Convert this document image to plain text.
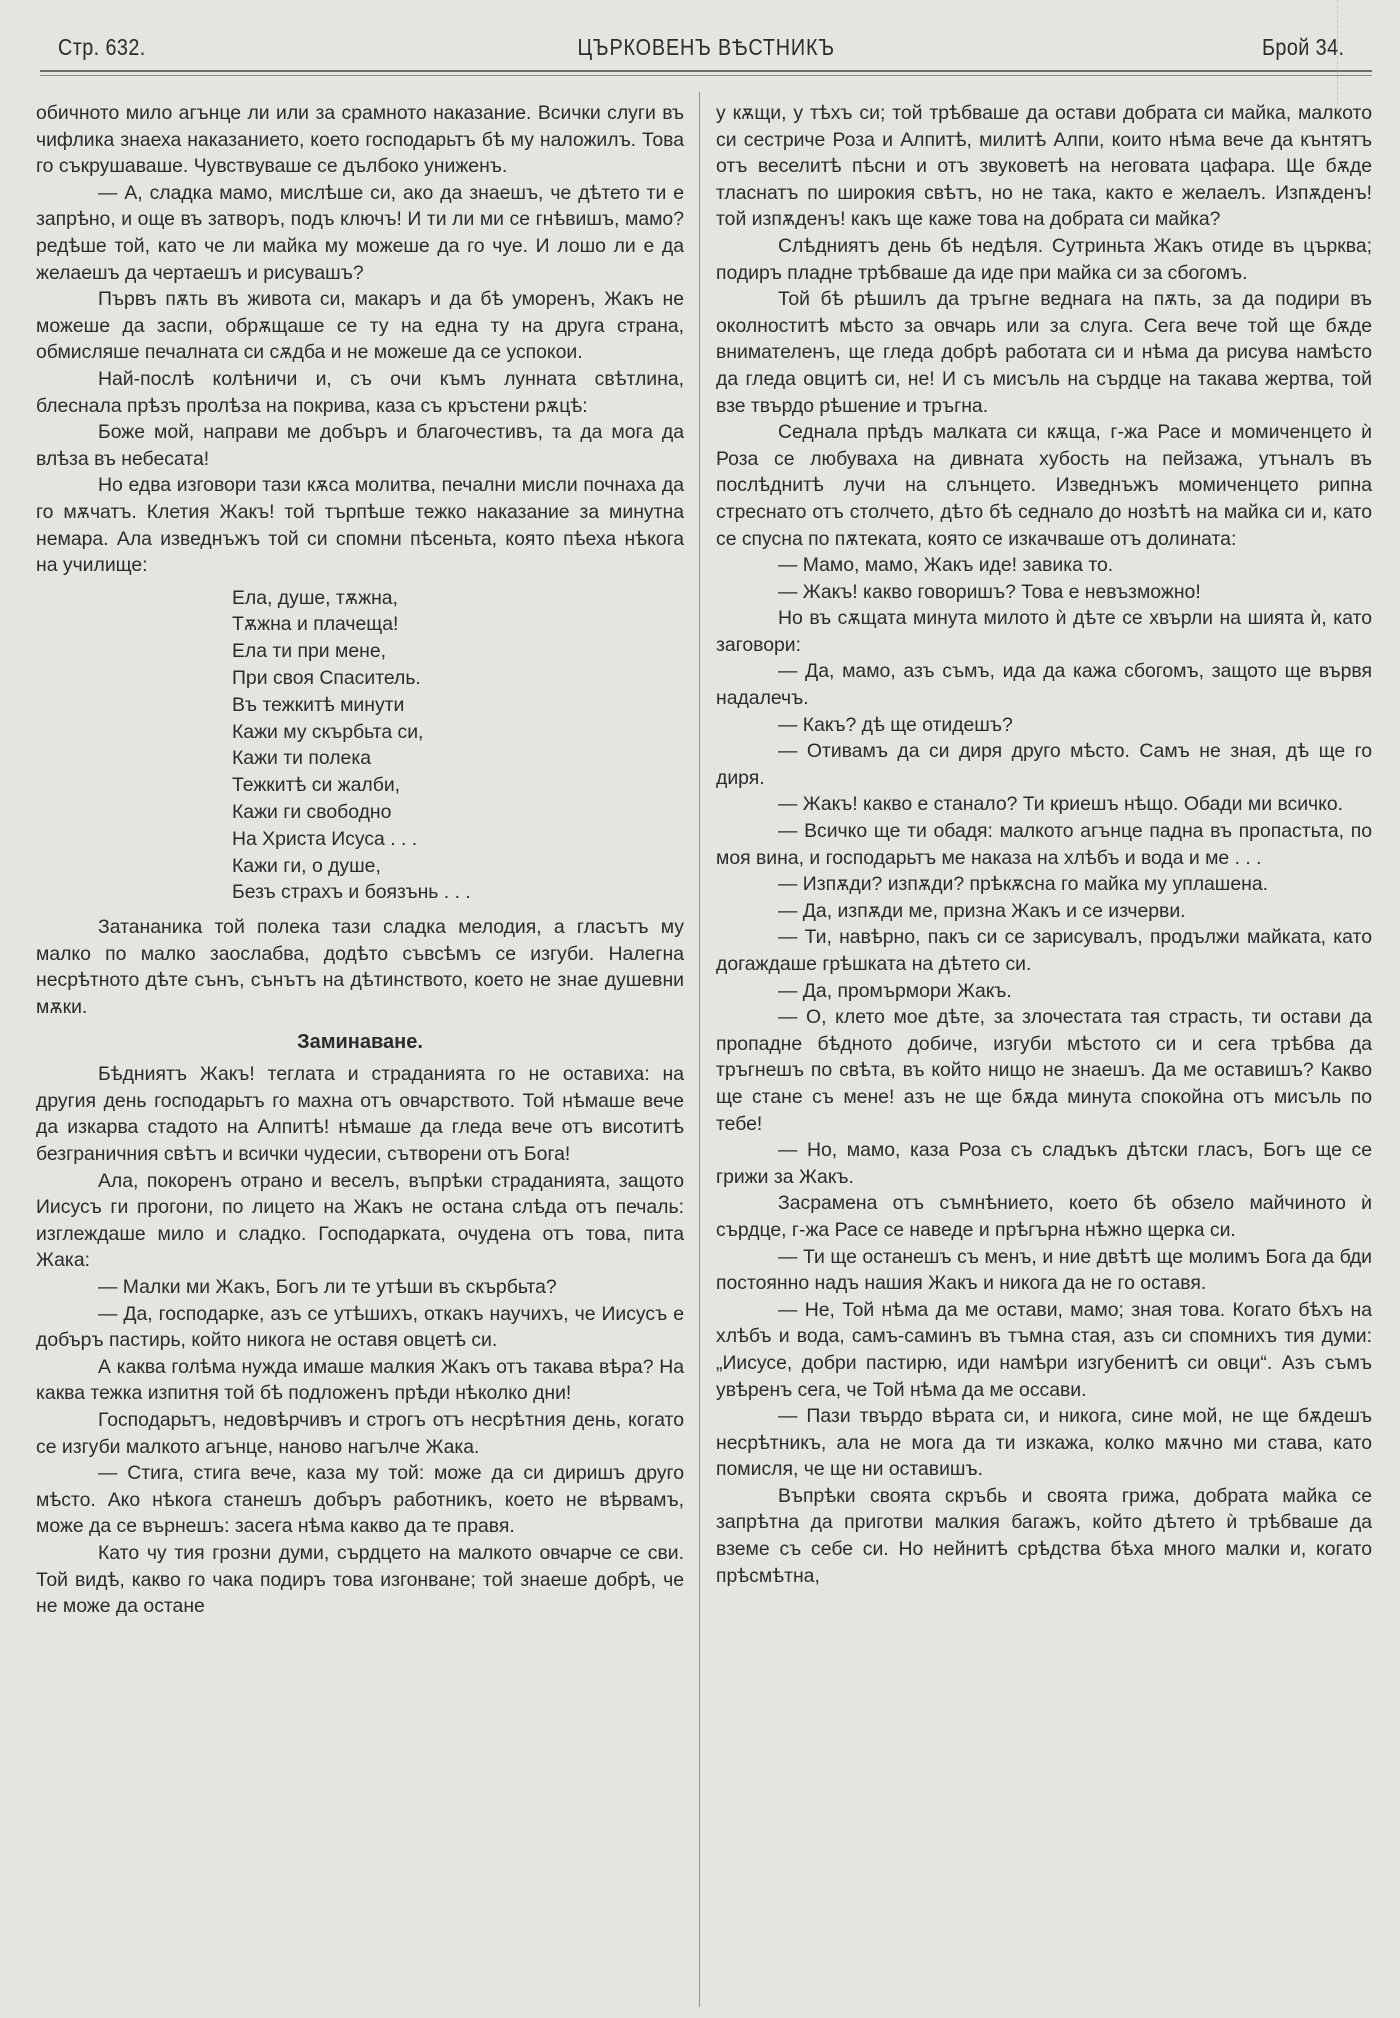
Стр. 632.	ЦЪРКОВЕНЪ ВѢСТНИКЪ	Брой 34.

обичното мило агънце ли или за срамното наказание. Всички слуги въ чифлика знаеха наказанието, което господарьтъ бѣ му наложилъ. Това го съкрушаваше. Чувствуваше се дълбоко униженъ.

— А, сладка мамо, мислѣше си, ако да знаешъ, че дѣтето ти е запрѣно, и още въ затворъ, подъ ключъ! И ти ли ми се гнѣвишъ, мамо? редѣше той, като че ли майка му можеше да го чуе. И лошо ли е да желаешъ да чертаешъ и рисувашъ?

Първъ пѫть въ живота си, макаръ и да бѣ уморенъ, Жакъ не можеше да заспи, обрѫщаше се ту на една ту на друга страна, обмисляше печалната си сѫдба и не можеше да се успокои.

Най-послѣ колѣничи и, съ очи къмъ лунната свѣтлина, блеснала прѣзъ пролѣза на покрива, каза съ кръстени рѫцѣ:

Боже мой, направи ме добъръ и благочестивъ, та да мога да влѣза въ небесата!

Но едва изговори тази кѫса молитва, печални мисли почнаха да го мѫчатъ. Клетия Жакъ! той търпѣше тежко наказание за минутна немара. Ала изведнъжъ той си спомни пѣсеньта, която пѣеха нѣкога на училище:

Ела, душе, тѫжна,
Тѫжна и плачеща!
Ела ти при мене,
При своя Спаситель.
Въ тежкитѣ минути
Кажи му скърбьта си,
Кажи ти полека
Тежкитѣ си жалби,
Кажи ги свободно
На Христа Исуса . . .
Кажи ги, о душе,
Безъ страхъ и боязънь . . .

Затананика той полека тази сладка мелодия, а гласътъ му малко по малко заослабва, додѣто съвсѣмъ се изгуби. Налегна несрѣтното дѣте сънъ, сънътъ на дѣтинството, което не знае душевни мѫки.

Заминаване.

Бѣдниятъ Жакъ! теглата и страданията го не оставиха: на другия день господарьтъ го махна отъ овчарството. Той нѣмаше вече да изкарва стадото на Алпитѣ! нѣмаше да гледа вече отъ висотитѣ безграничния свѣтъ и всички чудесии, сътворени отъ Бога!

Ала, покоренъ отрано и веселъ, въпрѣки страданията, защото Иисусъ ги прогони, по лицето на Жакъ не остана слѣда отъ печаль: изглеждаше мило и сладко. Господарката, очудена отъ това, пита Жака:

— Малки ми Жакъ, Богъ ли те утѣши въ скърбьта?

— Да, господарке, азъ се утѣшихъ, откакъ научихъ, че Иисусъ е добъръ пастирь, който никога не оставя овцетѣ си.

А каква голѣма нужда имаше малкия Жакъ отъ такава вѣра? На каква тежка изпитня той бѣ подложенъ прѣди нѣколко дни!

Господарьтъ, недовѣрчивъ и строгъ отъ несрѣтния день, когато се изгуби малкото агънце, наново нагълче Жака.

— Стига, стига вече, каза му той: може да си диришъ друго мѣсто. Ако нѣкога станешъ добъръ работникъ, което не вѣрвамъ, може да се върнешъ: засега нѣма какво да те правя.

Като чу тия грозни думи, сърдцето на малкото овчарче се сви. Той видѣ, какво го чака подиръ това изгонване; той знаеше добрѣ, че не може да остане

у кѫщи, у тѣхъ си; той трѣбваше да остави добрата си майка, малкото си сестриче Роза и Алпитѣ, милитѣ Алпи, които нѣма вече да кънтятъ отъ веселитѣ пѣсни и отъ звуковетѣ на неговата цафара. Ще бѫде тласнатъ по широкия свѣтъ, но не така, както е желаелъ. Изпѫденъ! той изпѫденъ! какъ ще каже това на добрата си майка?

Слѣдниятъ день бѣ недѣля. Сутриньта Жакъ отиде въ църква; подиръ пладне трѣбваше да иде при майка си за сбогомъ.

Той бѣ рѣшилъ да тръгне веднага на пѫть, за да подири въ околноститѣ мѣсто за овчарь или за слуга. Сега вече той ще бѫде внимателенъ, ще гледа добрѣ работата си и нѣма да рисува намѣсто да гледа овцитѣ си, не! И съ мисъль на сърдце на такава жертва, той взе твърдо рѣшение и тръгна.

Седнала прѣдъ малката си кѫща, г-жа Расе и момиченцето ѝ Роза се любуваха на дивната хубость на пейзажа, утъналъ въ послѣднитѣ лучи на слънцето. Изведнъжъ момиченцето рипна стреснато отъ столчето, дѣто бѣ седнало до нозѣтѣ на майка си и, като се спусна по пѫтеката, която се изкачваше отъ долината:

— Мамо, мамо, Жакъ иде! завика то.

— Жакъ! какво говоришъ? Това е невъзможно!

Но въ сѫщата минута милото ѝ дѣте се хвърли на шията ѝ, като заговори:

— Да, мамо, азъ съмъ, ида да кажа сбогомъ, защото ще вървя надалечъ.

— Какъ? дѣ ще отидешъ?

— Отивамъ да си диря друго мѣсто. Самъ не зная, дѣ ще го диря.

— Жакъ! какво е станало? Ти криешъ нѣщо. Обади ми всичко.

— Всичко ще ти обадя: малкото агънце падна въ пропастьта, по моя вина, и господарьтъ ме наказа на хлѣбъ и вода и ме . . .

— Изпѫди? изпѫди? прѣкѫсна го майка му уплашена.

— Да, изпѫди ме, призна Жакъ и се изчерви.

— Ти, навѣрно, пакъ си се зарисувалъ, продължи майката, като догаждаше грѣшката на дѣтето си.

— Да, промърмори Жакъ.

— О, клето мое дѣте, за злочестата тая страсть, ти остави да пропадне бѣдното добиче, изгуби мѣстото си и сега трѣбва да тръгнешъ по свѣта, въ който нищо не знаешъ. Да ме оставишъ? Какво ще стане съ мене! азъ не ще бѫда минута спокойна отъ мисъль по тебе!

— Но, мамо, каза Роза съ сладъкъ дѣтски гласъ, Богъ ще се грижи за Жакъ.

Засрамена отъ съмнѣнието, което бѣ обзело майчиното ѝ сърдце, г-жа Расе се наведе и прѣгърна нѣжно щерка си.

— Ти ще останешъ съ менъ, и ние двѣтѣ ще молимъ Бога да бди постоянно надъ нашия Жакъ и никога да не го оставя.

— Не, Той нѣма да ме остави, мамо; зная това. Когато бѣхъ на хлѣбъ и вода, самъ-саминъ въ тъмна стая, азъ си спомнихъ тия думи: „Иисусе, добри пастирю, иди намѣри изгубенитѣ си овци“. Азъ съмъ увѣренъ сега, че Той нѣма да ме оссави.

— Пази твърдо вѣрата си, и никога, сине мой, не ще бѫдешъ несрѣтникъ, ала не мога да ти изкажа, колко мѫчно ми става, като помисля, че ще ни оставишъ.

Въпрѣки своята скръбь и своята грижа, добрата майка се запрѣтна да приготви малкия багажъ, който дѣтето ѝ трѣбваше да вземе съ себе си. Но нейнитѣ срѣдства бѣха много малки и, когато прѣсмѣтна,
